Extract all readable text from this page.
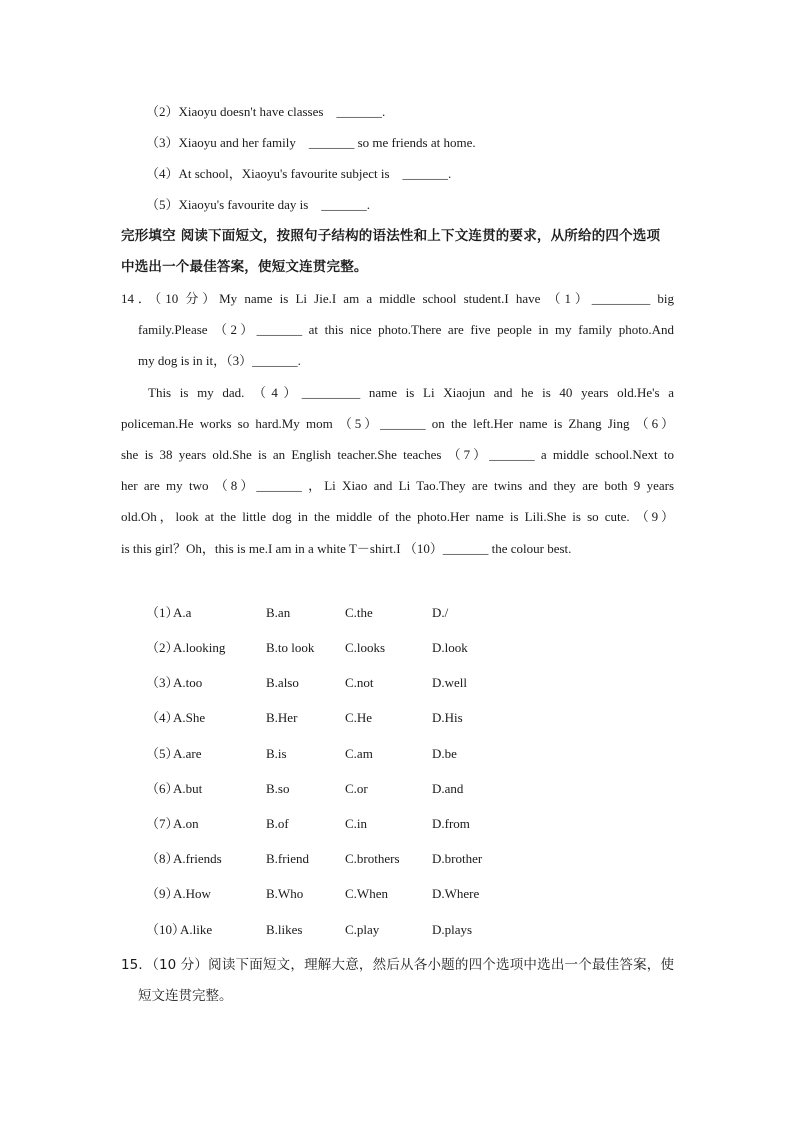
（2）Xiaoyu doesn't have classes　_______.
（3）Xiaoyu and her family　_______ so me friends at home.
（4）At school，Xiaoyu's favourite subject is　_______.
（5）Xiaoyu's favourite day is　_______.
完形填空 阅读下面短文，按照句子结构的语法性和上下文连贯的要求，从所给的四个选项
中选出一个最佳答案，使短文连贯完整。
14．（10 分）My name is Li Jie.I am a middle school student.I have （1）_________ big
family.Please （2）_______ at this nice photo.There are five people in my family photo.And
my dog is in it，（3）_______.
This is my dad. （4）_________ name is Li Xiaojun and he is 40 years old.He's a
policeman.He works so hard.My mom （5）_______ on the left.Her name is Zhang Jing （6）
she is 38 years old.She is an English teacher.She teaches （7）_______ a middle school.Next to
her are my two （8）_______ ，Li Xiao and Li Tao.They are twins and they are both 9 years
old.Oh，look at the little dog in the middle of the photo.Her name is Lili.She is so cute. （9）
is this girl？Oh，this is me.I am in a white T－shirt.I （10）_______ the colour best.
（1）
A.a	B.an	C.the	D./
（2）
A.looking	B.to look C.looks	D.look
（3）
A.too	B.also	C.not	D.well
（4）
A.She	B.Her	C.He	D.His
（5）
A.are	B.is	C.am	D.be
（6）
A.but	B.so	C.or	D.and
（7）
A.on	B.of	C.in	D.from
（8）
A.friends	B.friend	C.brothers D.brother
（9）
A.How	B.Who	C.When	D.Where
（10）
A.like	B.likes	C.play	D.plays
15．（10 分）阅读下面短文，理解大意，然后从各小题的四个选项中选出一个最佳答案，使
短文连贯完整。
